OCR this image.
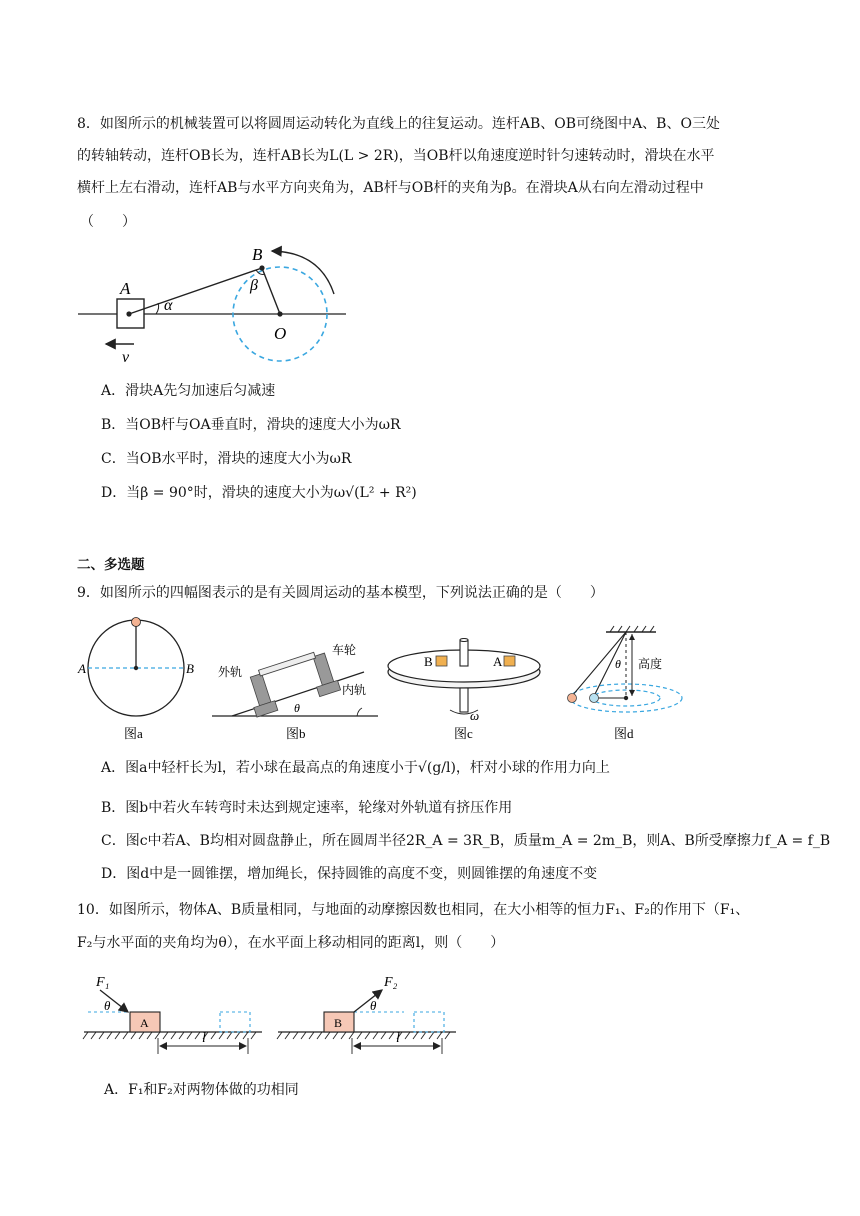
8．如图所示的机械装置可以将圆周运动转化为直线上的往复运动。连杆AB、OB可绕图中A、B、O三处
的转轴转动，连杆OB长为，连杆AB长为L(L > 2R)，当OB杆以角速度逆时针匀速转动时，滑块在水平
横杆上左右滑动，连杆AB与水平方向夹角为，AB杆与OB杆的夹角为β。在滑块A从右向左滑动过程中
（　　）
A
B
O
α
β
v
A．滑块A先匀加速后匀减速
B．当OB杆与OA垂直时，滑块的速度大小为ωR
C．当OB水平时，滑块的速度大小为ωR
D．当β = 90°时，滑块的速度大小为ω√(L² + R²)
二、多选题
9．如图所示的四幅图表示的是有关圆周运动的基本模型，下列说法正确的是（　　）
A	B
图a
外轨
车轮
内轨
θ
图b
B	A
ω
图c
θ 高度
图d
A．图a中轻杆长为l，若小球在最高点的角速度小于√(g/l)，杆对小球的作用力向上
B．图b中若火车转弯时未达到规定速率，轮缘对外轨道有挤压作用
C．图c中若A、B均相对圆盘静止，所在圆周半径2R_A = 3R_B，质量m_A = 2m_B，则A、B所受摩擦力f_A = f_B
D．图d中是一圆锥摆，增加绳长，保持圆锥的高度不变，则圆锥摆的角速度不变
10．如图所示，物体A、B质量相同，与地面的动摩擦因数也相同，在大小相等的恒力F₁、F₂的作用下（F₁、
F₂与水平面的夹角均为θ），在水平面上移动相同的距离l，则（　　）
F₁
θ
A
l
F₂
θ
B
l
A．F₁和F₂对两物体做的功相同
